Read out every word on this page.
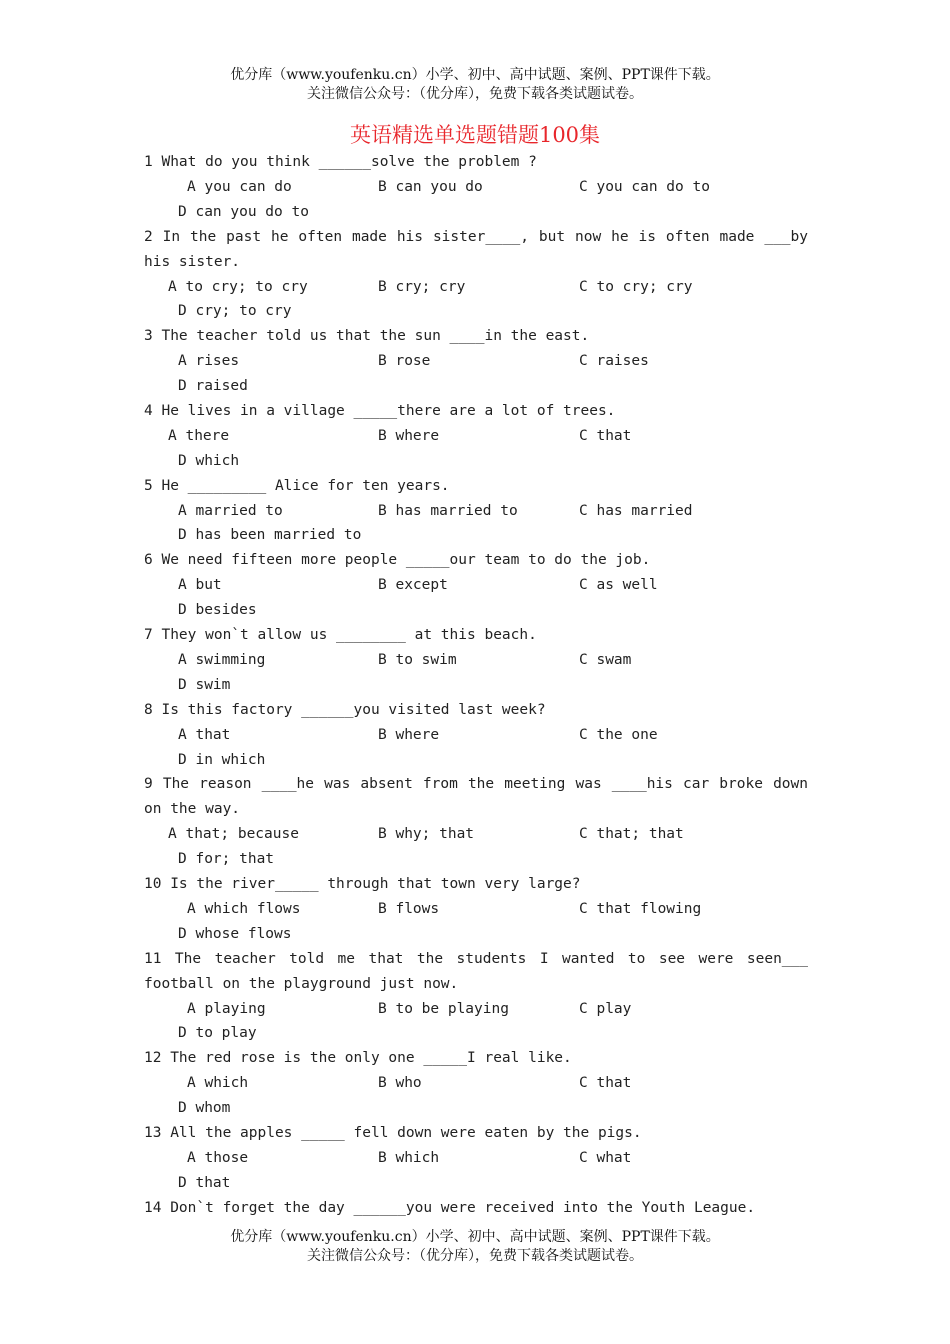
优分库（www.youfenku.cn）小学、初中、高中试题、案例、PPT课件下载。
关注微信公众号：（优分库），免费下载各类试题试卷。
英语精选单选题错题100集
1 What do you think ______solve the problem ?
A you can do	B can you do	C you can do to
D can you do to
2 In the past he often made his sister____, but now he is often made ___by his sister.
A to cry; to cry	B cry; cry	C to cry; cry
D cry; to cry
3 The teacher told us that the sun ____in the east.
A rises	B rose	C raises
D raised
4 He lives in a village _____there are a lot of trees.
A there	B where	C that
D which
5 He _________ Alice for ten years.
A married to	B has married to	C has married
D has been married to
6 We need fifteen more people _____our team to do the job.
A but	B except	C as well
D besides
7 They won`t allow us ________ at this beach.
A swimming	B to swim	C swam
D swim
8 Is this factory ______you visited last week?
A that	B where	C the one
D in which
9 The reason ____he was absent from the meeting was ____his car broke down on the way.
A that; because	B why; that	C that; that
D for; that
10 Is the river_____ through that town very large?
A which flows	B flows	C that flowing
D whose flows
11 The teacher told me that the students I wanted to see were seen___ football on the playground just now.
A playing	B to be playing	C play
D to play
12 The red rose is the only one _____I real like.
A which	B who	C that
D whom
13 All the apples _____ fell down were eaten by the pigs.
A those	B which	C what
D that
14 Don`t forget the day ______you were received into the Youth League.
优分库（www.youfenku.cn）小学、初中、高中试题、案例、PPT课件下载。
关注微信公众号：（优分库），免费下载各类试题试卷。
